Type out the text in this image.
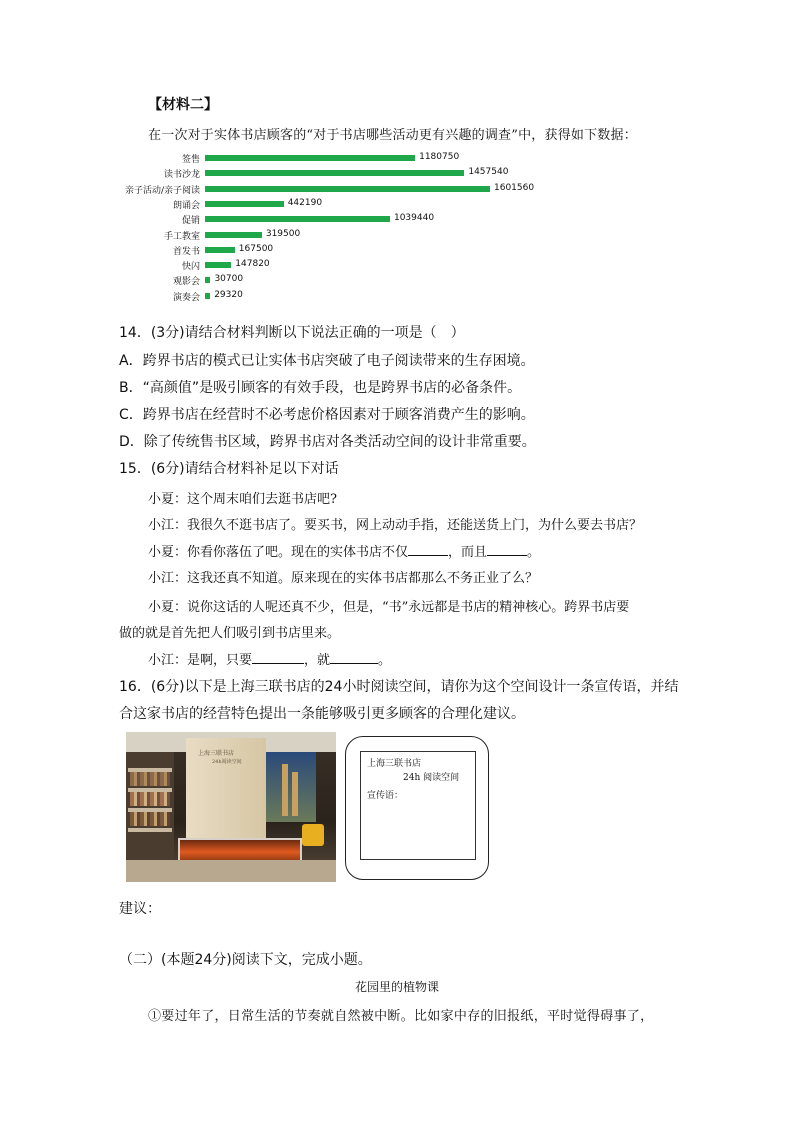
【材料二】
在一次对于实体书店顾客的“对于书店哪些活动更有兴趣的调查”中，获得如下数据：
签售	1180750
读书沙龙	1457540
亲子活动/亲子阅读	1601560
朗诵会	442190
促销	1039440
手工教室	319500
首发书	167500
快闪	147820
观影会 30700
演奏会 29320
14．(3分)请结合材料判断以下说法正确的一项是（　）
A．跨界书店的模式已让实体书店突破了电子阅读带来的生存困境。
B．“高颜值”是吸引顾客的有效手段，也是跨界书店的必备条件。
C．跨界书店在经营时不必考虑价格因素对于顾客消费产生的影响。
D．除了传统售书区域，跨界书店对各类活动空间的设计非常重要。
15．(6分)请结合材料补足以下对话
小夏：这个周末咱们去逛书店吧?
小江：我很久不逛书店了。要买书，网上动动手指，还能送货上门，为什么要去书店？
小夏：你看你落伍了吧。现在的实体书店不仅	，而且	。
小江：这我还真不知道。原来现在的实体书店都那么不务正业了么？
小夏：说你这话的人呢还真不少，但是，“书”永远都是书店的精神核心。跨界书店要
做的就是首先把人们吸引到书店里来。
小江：是啊，只要	，就	。
16．(6分)以下是上海三联书店的24小时阅读空间，请你为这个空间设计一条宣传语，并结
合这家书店的经营特色提出一条能够吸引更多顾客的合理化建议。
上海三联书店
24h阅读空间	上海三联书店
24h 阅读空间
宣传语：
建议：
（二）(本题24分)阅读下文，完成小题。
花园里的植物课
①要过年了，日常生活的节奏就自然被中断。比如家中存的旧报纸，平时觉得碍事了，
